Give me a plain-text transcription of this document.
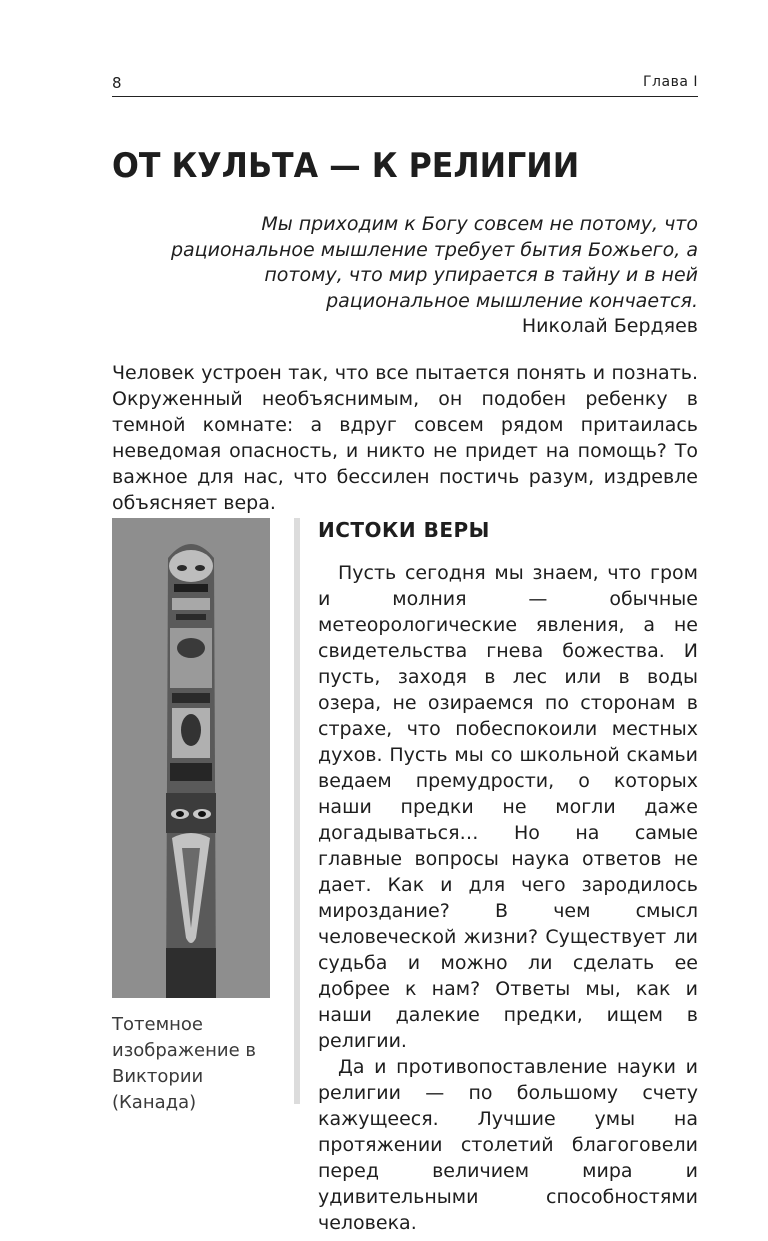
8	Глава I
ОТ КУЛЬТА — К РЕЛИГИИ

Мы приходим к Богу совсем не потому, что рациональное мышление требует бытия Божьего, а потому, что мир упирается в тайну и в ней рациональное мышление кончается.

Николай Бердяев

Человек устроен так, что все пытается понять и познать. Окруженный необъяснимым, он подобен ребенку в темной комнате: а вдруг совсем рядом притаилась неведомая опасность, и никто не придет на помощь? То важное для нас, что бессилен постичь разум, издревле объясняет вера.

Тотемное изображение в Виктории (Канада)

ИСТОКИ ВЕРЫ

Пусть сегодня мы знаем, что гром и молния — обычные метеорологические явления, а не свидетельства гнева божества. И пусть, заходя в лес или в воды озера, не озираемся по сторонам в страхе, что побеспокоили местных духов. Пусть мы со школьной скамьи ведаем премудрости, о которых наши предки не могли даже догадываться… Но на самые главные вопросы наука ответов не дает. Как и для чего зародилось мироздание? В чем смысл человеческой жизни? Существует ли судьба и можно ли сделать ее добрее к нам? Ответы мы, как и наши далекие предки, ищем в религии.

Да и противопоставление науки и религии — по большому счету кажущееся. Лучшие умы на протяжении столетий благоговели перед величием мира и удивительными способностями человека.
